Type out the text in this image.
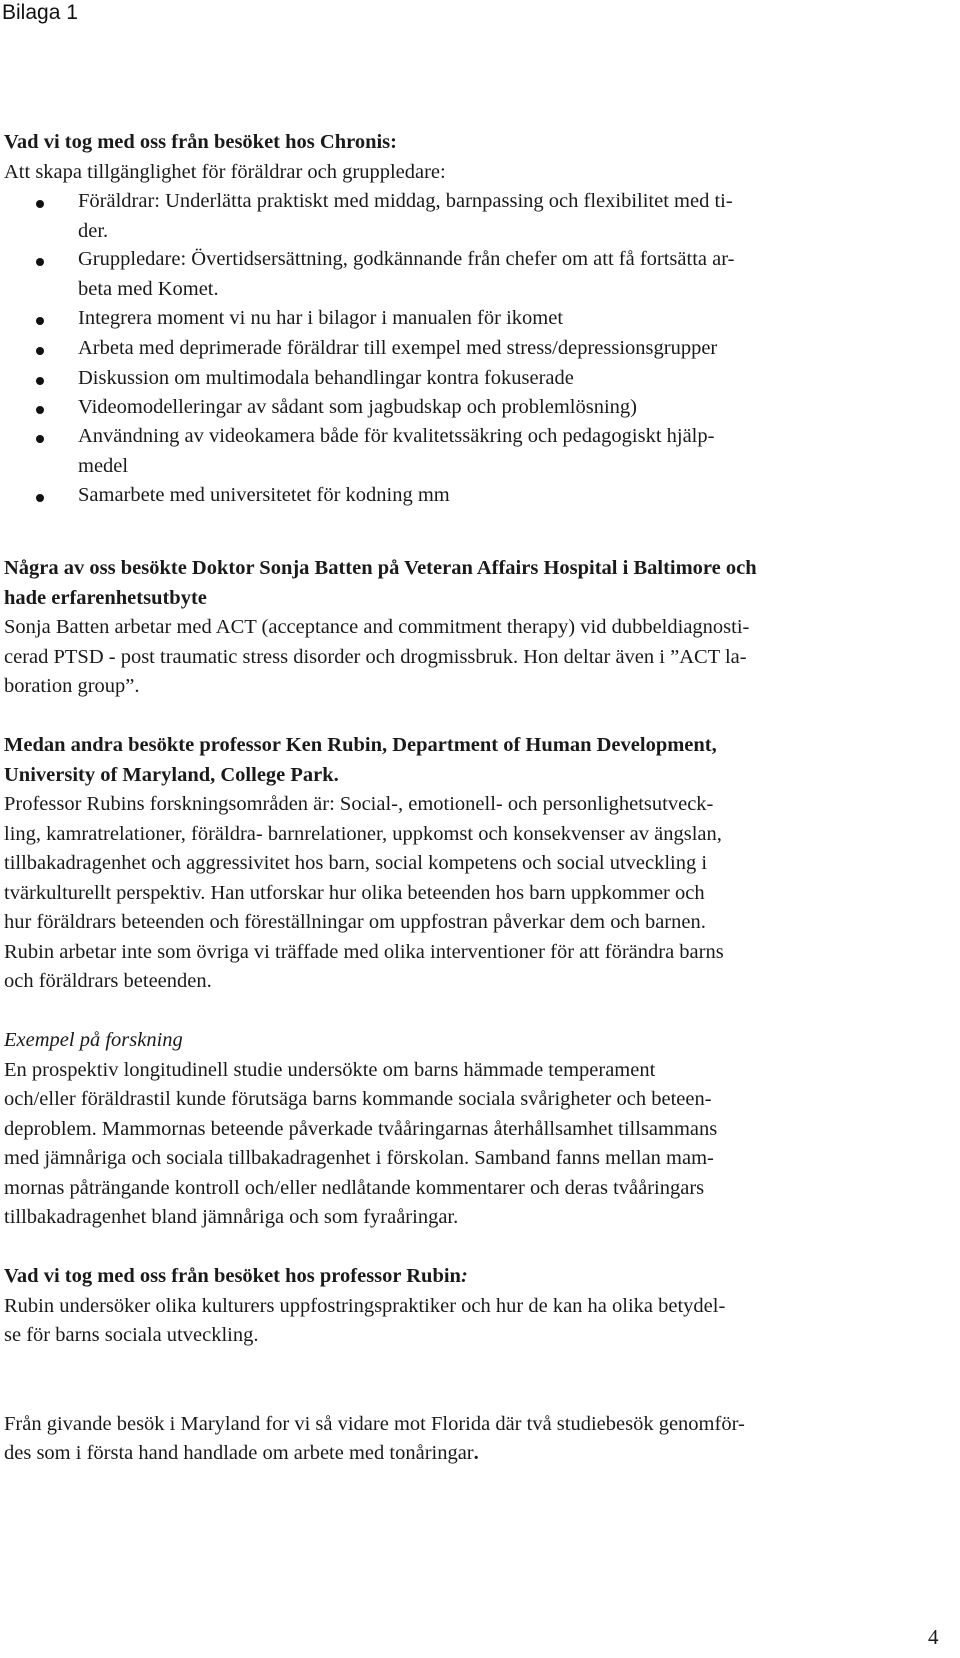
Bilaga 1
Vad vi tog med oss från besöket hos Chronis:
Att skapa tillgänglighet för föräldrar och gruppledare:
Föräldrar: Underlätta praktiskt med middag, barnpassing och flexibilitet med ti-
der.
Gruppledare: Övertidsersättning, godkännande från chefer om att få fortsätta ar-
beta med Komet.
Integrera moment vi nu har i bilagor i manualen för ikomet
Arbeta med deprimerade föräldrar till exempel med stress/depressionsgrupper
Diskussion om multimodala behandlingar kontra fokuserade
Videomodelleringar av sådant som jagbudskap och problemlösning)
Användning av videokamera både för kvalitetssäkring och pedagogiskt hjälp-
medel
Samarbete med universitetet för kodning mm
Några av oss besökte Doktor Sonja Batten på Veteran Affairs Hospital i Baltimore och
hade erfarenhetsutbyte
Sonja Batten arbetar med ACT (acceptance and commitment therapy) vid dubbeldiagnosti-
cerad PTSD - post traumatic stress disorder och drogmissbruk. Hon deltar även i ”ACT la-
boration group”.
Medan andra besökte professor Ken Rubin, Department of Human Development,
University of Maryland, College Park.
Professor Rubins forskningsområden är: Social-, emotionell- och personlighetsutveck-
ling, kamratrelationer, föräldra- barnrelationer, uppkomst och konsekvenser av ängslan,
tillbakadragenhet och aggressivitet hos barn, social kompetens och social utveckling i
tvärkulturellt perspektiv. Han utforskar hur olika beteenden hos barn uppkommer och
hur föräldrars beteenden och föreställningar om uppfostran påverkar dem och barnen.
Rubin arbetar inte som övriga vi träffade med olika interventioner för att förändra barns
och föräldrars beteenden.
Exempel på forskning
En prospektiv longitudinell studie undersökte om barns hämmade temperament
och/eller föräldrastil kunde förutsäga barns kommande sociala svårigheter och beteen-
deproblem. Mammornas beteende påverkade tvååringarnas återhållsamhet tillsammans
med jämnåriga och sociala tillbakadragenhet i förskolan. Samband fanns mellan mam-
mornas påträngande kontroll och/eller nedlåtande kommentarer och deras tvååringars
tillbakadragenhet bland jämnåriga och som fyraåringar.
Vad vi tog med oss från besöket hos professor Rubin:
Rubin undersöker olika kulturers uppfostringspraktiker och hur de kan ha olika betydel-
se för barns sociala utveckling.
Från givande besök i Maryland for vi så vidare mot Florida där två studiebesök genomför-
des som i första hand handlade om arbete med tonåringar.
4
